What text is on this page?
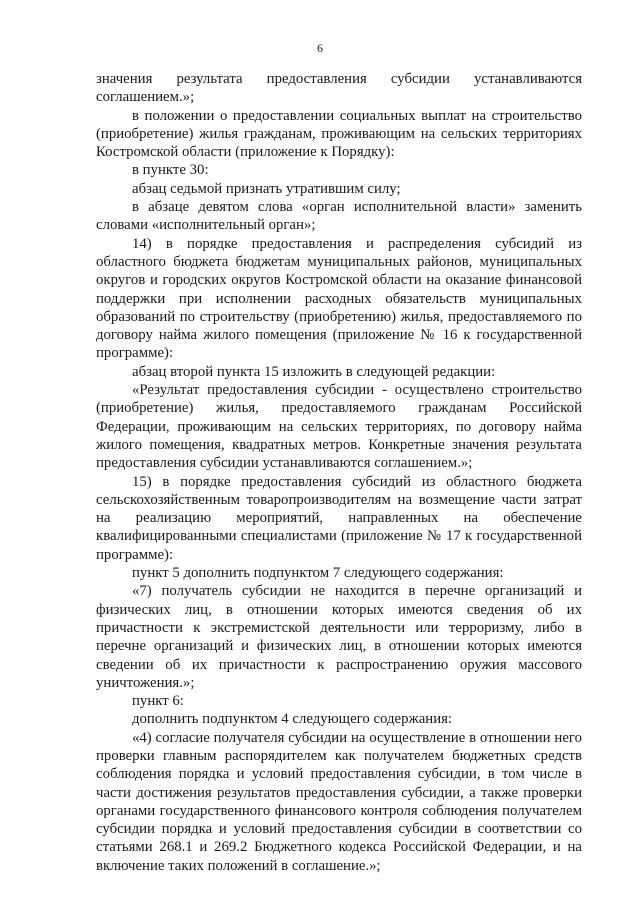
6

значения результата предоставления субсидии устанавливаются соглашением.»;

в положении о предоставлении социальных выплат на строительство (приобретение) жилья гражданам, проживающим на сельских территориях Костромской области (приложение к Порядку):

в пункте 30:

абзац седьмой признать утратившим силу;

в абзаце девятом слова «орган исполнительной власти» заменить словами «исполнительный орган»;

14) в порядке предоставления и распределения субсидий из областного бюджета бюджетам муниципальных районов, муниципальных округов и городских округов Костромской области на оказание финансовой поддержки при исполнении расходных обязательств муниципальных образований по строительству (приобретению) жилья, предоставляемого по договору найма жилого помещения (приложение № 16 к государственной программе):

абзац второй пункта 15 изложить в следующей редакции:

«Результат предоставления субсидии - осуществлено строительство (приобретение) жилья, предоставляемого гражданам Российской Федерации, проживающим на сельских территориях, по договору найма жилого помещения, квадратных метров. Конкретные значения результата предоставления субсидии устанавливаются соглашением.»;

15) в порядке предоставления субсидий из областного бюджета сельскохозяйственным товаропроизводителям на возмещение части затрат на реализацию мероприятий, направленных на обеспечение квалифицированными специалистами (приложение № 17 к государственной программе):

пункт 5 дополнить подпунктом 7 следующего содержания:

«7) получатель субсидии не находится в перечне организаций и физических лиц, в отношении которых имеются сведения об их причастности к экстремистской деятельности или терроризму, либо в перечне организаций и физических лиц, в отношении которых имеются сведении об их причастности к распространению оружия массового уничтожения.»;

пункт 6:

дополнить подпунктом 4 следующего содержания:

«4) согласие получателя субсидии на осуществление в отношении него проверки главным распорядителем как получателем бюджетных средств соблюдения порядка и условий предоставления субсидии, в том числе в части достижения результатов предоставления субсидии, а также проверки органами государственного финансового контроля соблюдения получателем субсидии порядка и условий предоставления субсидии в соответствии со статьями 268.1 и 269.2 Бюджетного кодекса Российской Федерации, и на включение таких положений в соглашение.»;
